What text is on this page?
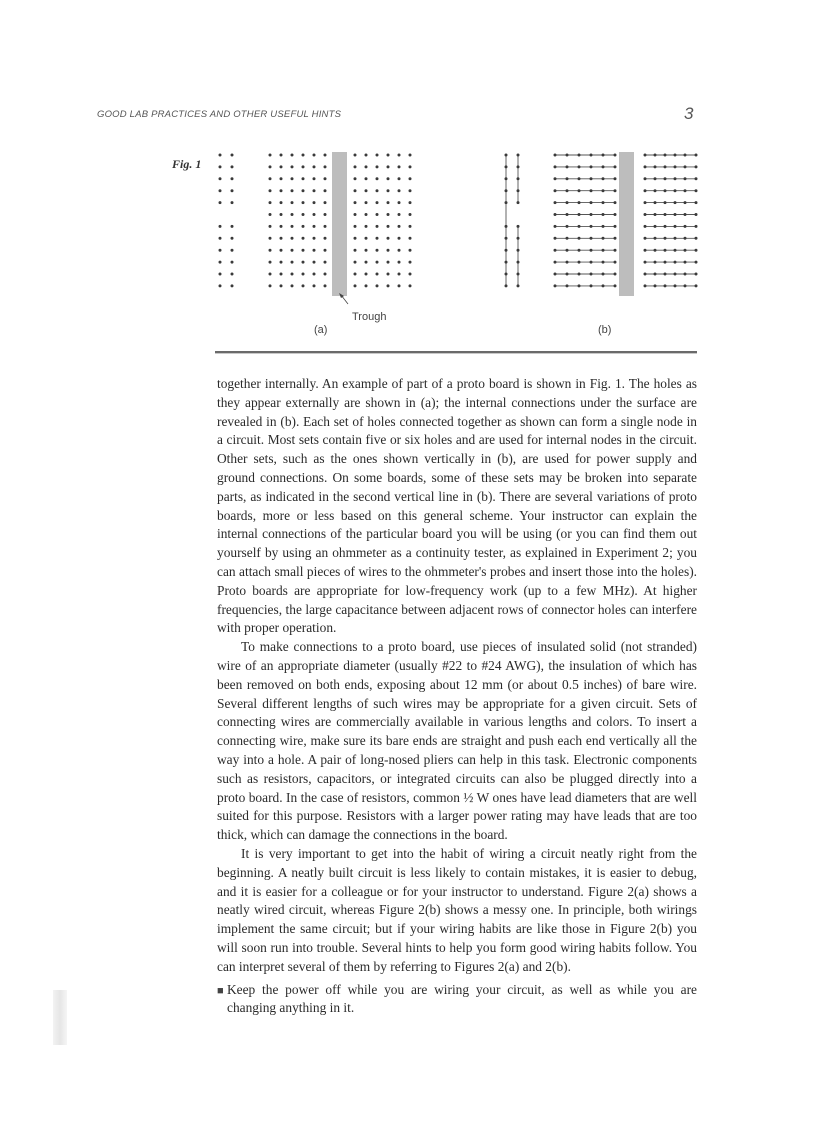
GOOD LAB PRACTICES AND OTHER USEFUL HINTS	3
Fig. 1
Trough
(a)	(b)

together internally. An example of part of a proto board is shown in Fig. 1. The holes as they appear externally are shown in (a); the internal connections under the surface are revealed in (b). Each set of holes connected together as shown can form a single node in a circuit. Most sets contain five or six holes and are used for internal nodes in the circuit. Other sets, such as the ones shown vertically in (b), are used for power supply and ground connections. On some boards, some of these sets may be broken into separate parts, as indicated in the second vertical line in (b). There are several variations of proto boards, more or less based on this general scheme. Your instructor can explain the internal connections of the particular board you will be using (or you can find them out yourself by using an ohmmeter as a continuity tester, as explained in Experiment 2; you can attach small pieces of wires to the ohmmeter's probes and insert those into the holes). Proto boards are appropriate for low-frequency work (up to a few MHz). At higher frequencies, the large capacitance between adjacent rows of connector holes can interfere with proper operation.

To make connections to a proto board, use pieces of insulated solid (not stranded) wire of an appropriate diameter (usually #22 to #24 AWG), the insulation of which has been removed on both ends, exposing about 12 mm (or about 0.5 inches) of bare wire. Several different lengths of such wires may be appropriate for a given circuit. Sets of connecting wires are commercially available in various lengths and colors. To insert a connecting wire, make sure its bare ends are straight and push each end vertically all the way into a hole. A pair of long-nosed pliers can help in this task. Electronic components such as resistors, capacitors, or integrated circuits can also be plugged directly into a proto board. In the case of resistors, common ½ W ones have lead diameters that are well suited for this purpose. Resistors with a larger power rating may have leads that are too thick, which can damage the connections in the board.

It is very important to get into the habit of wiring a circuit neatly right from the beginning. A neatly built circuit is less likely to contain mistakes, it is easier to debug, and it is easier for a colleague or for your instructor to understand. Figure 2(a) shows a neatly wired circuit, whereas Figure 2(b) shows a messy one. In principle, both wirings implement the same circuit; but if your wiring habits are like those in Figure 2(b) you will soon run into trouble. Several hints to help you form good wiring habits follow. You can interpret several of them by referring to Figures 2(a) and 2(b).

■ Keep the power off while you are wiring your circuit, as well as while you are changing anything in it.
